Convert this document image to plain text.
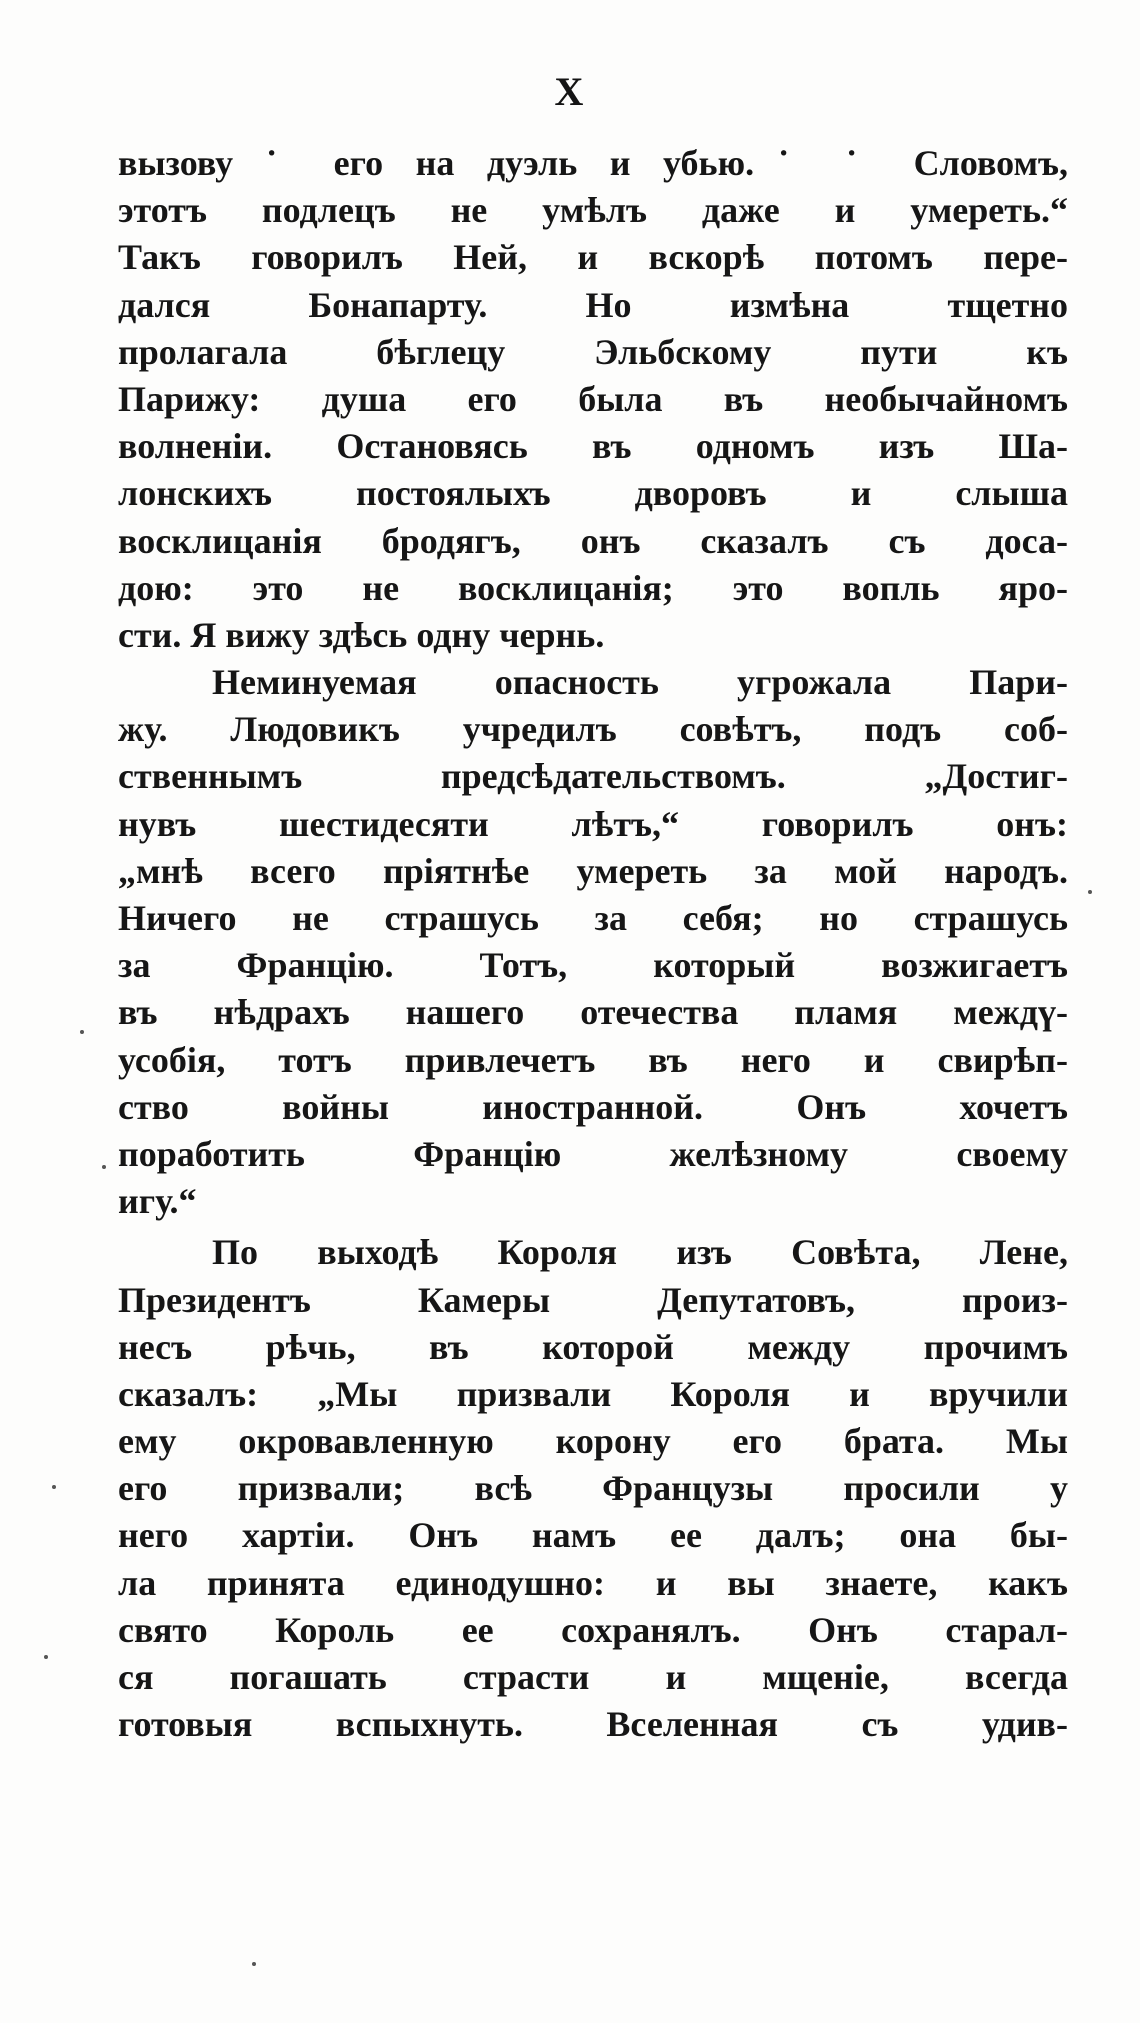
X
вызову ˙ его на дуэль и убью.˙ ˙ Словомъ,
этотъ подлецъ не умѣлъ даже и умереть.“
Такъ говорилъ Ней, и вскорѣ потомъ пере-
дался Бонапарту. Но измѣна тщетно
пролагала бѣглецу Эльбскому пути къ
Парижу: душа его была въ необычайномъ
волненіи. Остановясь въ одномъ изъ Ша-
лонскихъ постоялыхъ дворовъ и слыша
восклицанія бродягъ, онъ сказалъ съ доса-
дою: это не восклицанія; это вопль яро-
сти. Я вижу здѣсь одну чернь.
Неминуемая опасность угрожала Пари-
жу. Людовикъ учредилъ совѣтъ, подъ соб-
ственнымъ предсѣдательствомъ. „Достиг-
нувъ шестидесяти лѣтъ,“ говорилъ онъ:
„мнѣ всего пріятнѣе умереть за мой народъ.
Ничего не страшусь за себя; но страшусь
за Францію. Тотъ, который возжигаетъ
въ нѣдрахъ нашего отечества пламя междү-
усобія, тотъ привлечетъ въ него и свирѣп-
ство войны иностранной. Онъ хочетъ
поработить Францію желѣзному своему
игу.“
По выходѣ Короля изъ Совѣта, Лене,
Президентъ Камеры Депутатовъ, произ-
несъ рѣчь, въ которой между прочимъ
сказалъ: „Мы призвали Короля и вручили
ему окровавленную корону его брата. Мы
его призвали; всѣ Французы просили у
него хартіи. Онъ намъ ее далъ; она бы-
ла принята единодушно: и вы знаете, какъ
свято Король ее сохранялъ. Онъ старал-
ся погашать страсти и мщеніе, всегда
готовыя вспыхнуть. Вселенная съ удив-
